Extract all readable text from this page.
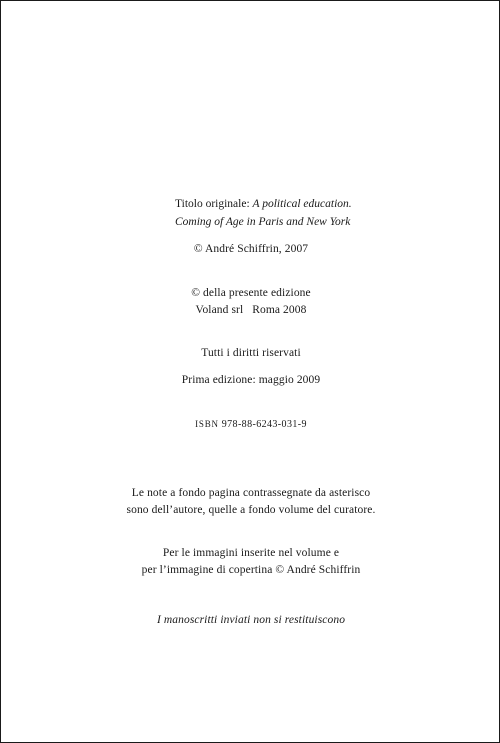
Titolo originale: A political education.
Coming of Age in Paris and New York
© André Schiffrin, 2007
© della presente edizione
Voland srl   Roma 2008
Tutti i diritti riservati
Prima edizione: maggio 2009
ISBN 978-88-6243-031-9
Le note a fondo pagina contrassegnate da asterisco
sono dell’autore, quelle a fondo volume del curatore.
Per le immagini inserite nel volume e
per l’immagine di copertina © André Schiffrin
I manoscritti inviati non si restituiscono
